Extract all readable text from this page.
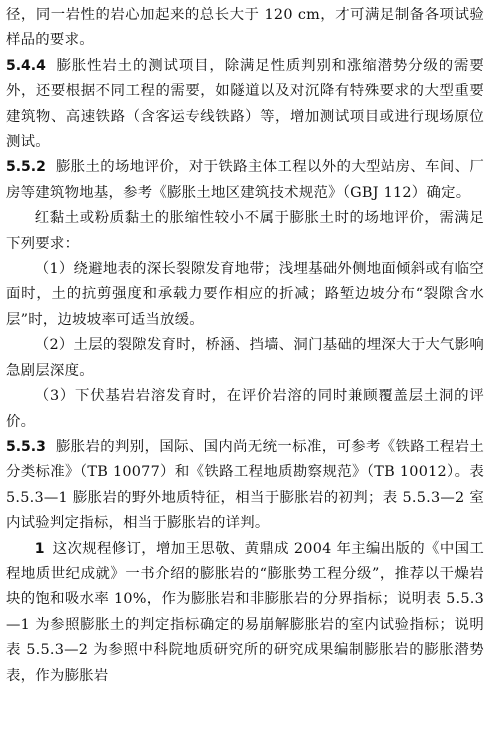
径，同一岩性的岩心加起来的总长大于 120 cm，才可满足制备各项试验样品的要求。

5.4.4 膨胀性岩土的测试项目，除满足性质判别和涨缩潜势分级的需要外，还要根据不同工程的需要，如隧道以及对沉降有特殊要求的大型重要建筑物、高速铁路（含客运专线铁路）等，增加测试项目或进行现场原位测试。

5.5.2 膨胀土的场地评价，对于铁路主体工程以外的大型站房、车间、厂房等建筑物地基，参考《膨胀土地区建筑技术规范》（GBJ 112）确定。

红黏土或粉质黏土的胀缩性较小不属于膨胀土时的场地评价，需满足下列要求：

（1）绕避地表的深长裂隙发育地带；浅埋基础外侧地面倾斜或有临空面时，土的抗剪强度和承载力要作相应的折减；路堑边坡分布“裂隙含水层”时，边坡坡率可适当放缓。

（2）土层的裂隙发育时，桥涵、挡墙、洞门基础的埋深大于大气影响急剧层深度。

（3）下伏基岩岩溶发育时，在评价岩溶的同时兼顾覆盖层土洞的评价。

5.5.3 膨胀岩的判别，国际、国内尚无统一标准，可参考《铁路工程岩土分类标准》（TB 10077）和《铁路工程地质勘察规范》（TB 10012）。表 5.5.3—1 膨胀岩的野外地质特征，相当于膨胀岩的初判；表 5.5.3—2 室内试验判定指标，相当于膨胀岩的详判。

1 这次规程修订，增加王思敬、黄鼎成 2004 年主编出版的《中国工程地质世纪成就》一书介绍的膨胀岩的“膨胀势工程分级”，推荐以干燥岩块的饱和吸水率 10%，作为膨胀岩和非膨胀岩的分界指标；说明表 5.5.3—1 为参照膨胀土的判定指标确定的易崩解膨胀岩的室内试验指标；说明表 5.5.3—2 为参照中科院地质研究所的研究成果编制膨胀岩的膨胀潜势表，作为膨胀岩
